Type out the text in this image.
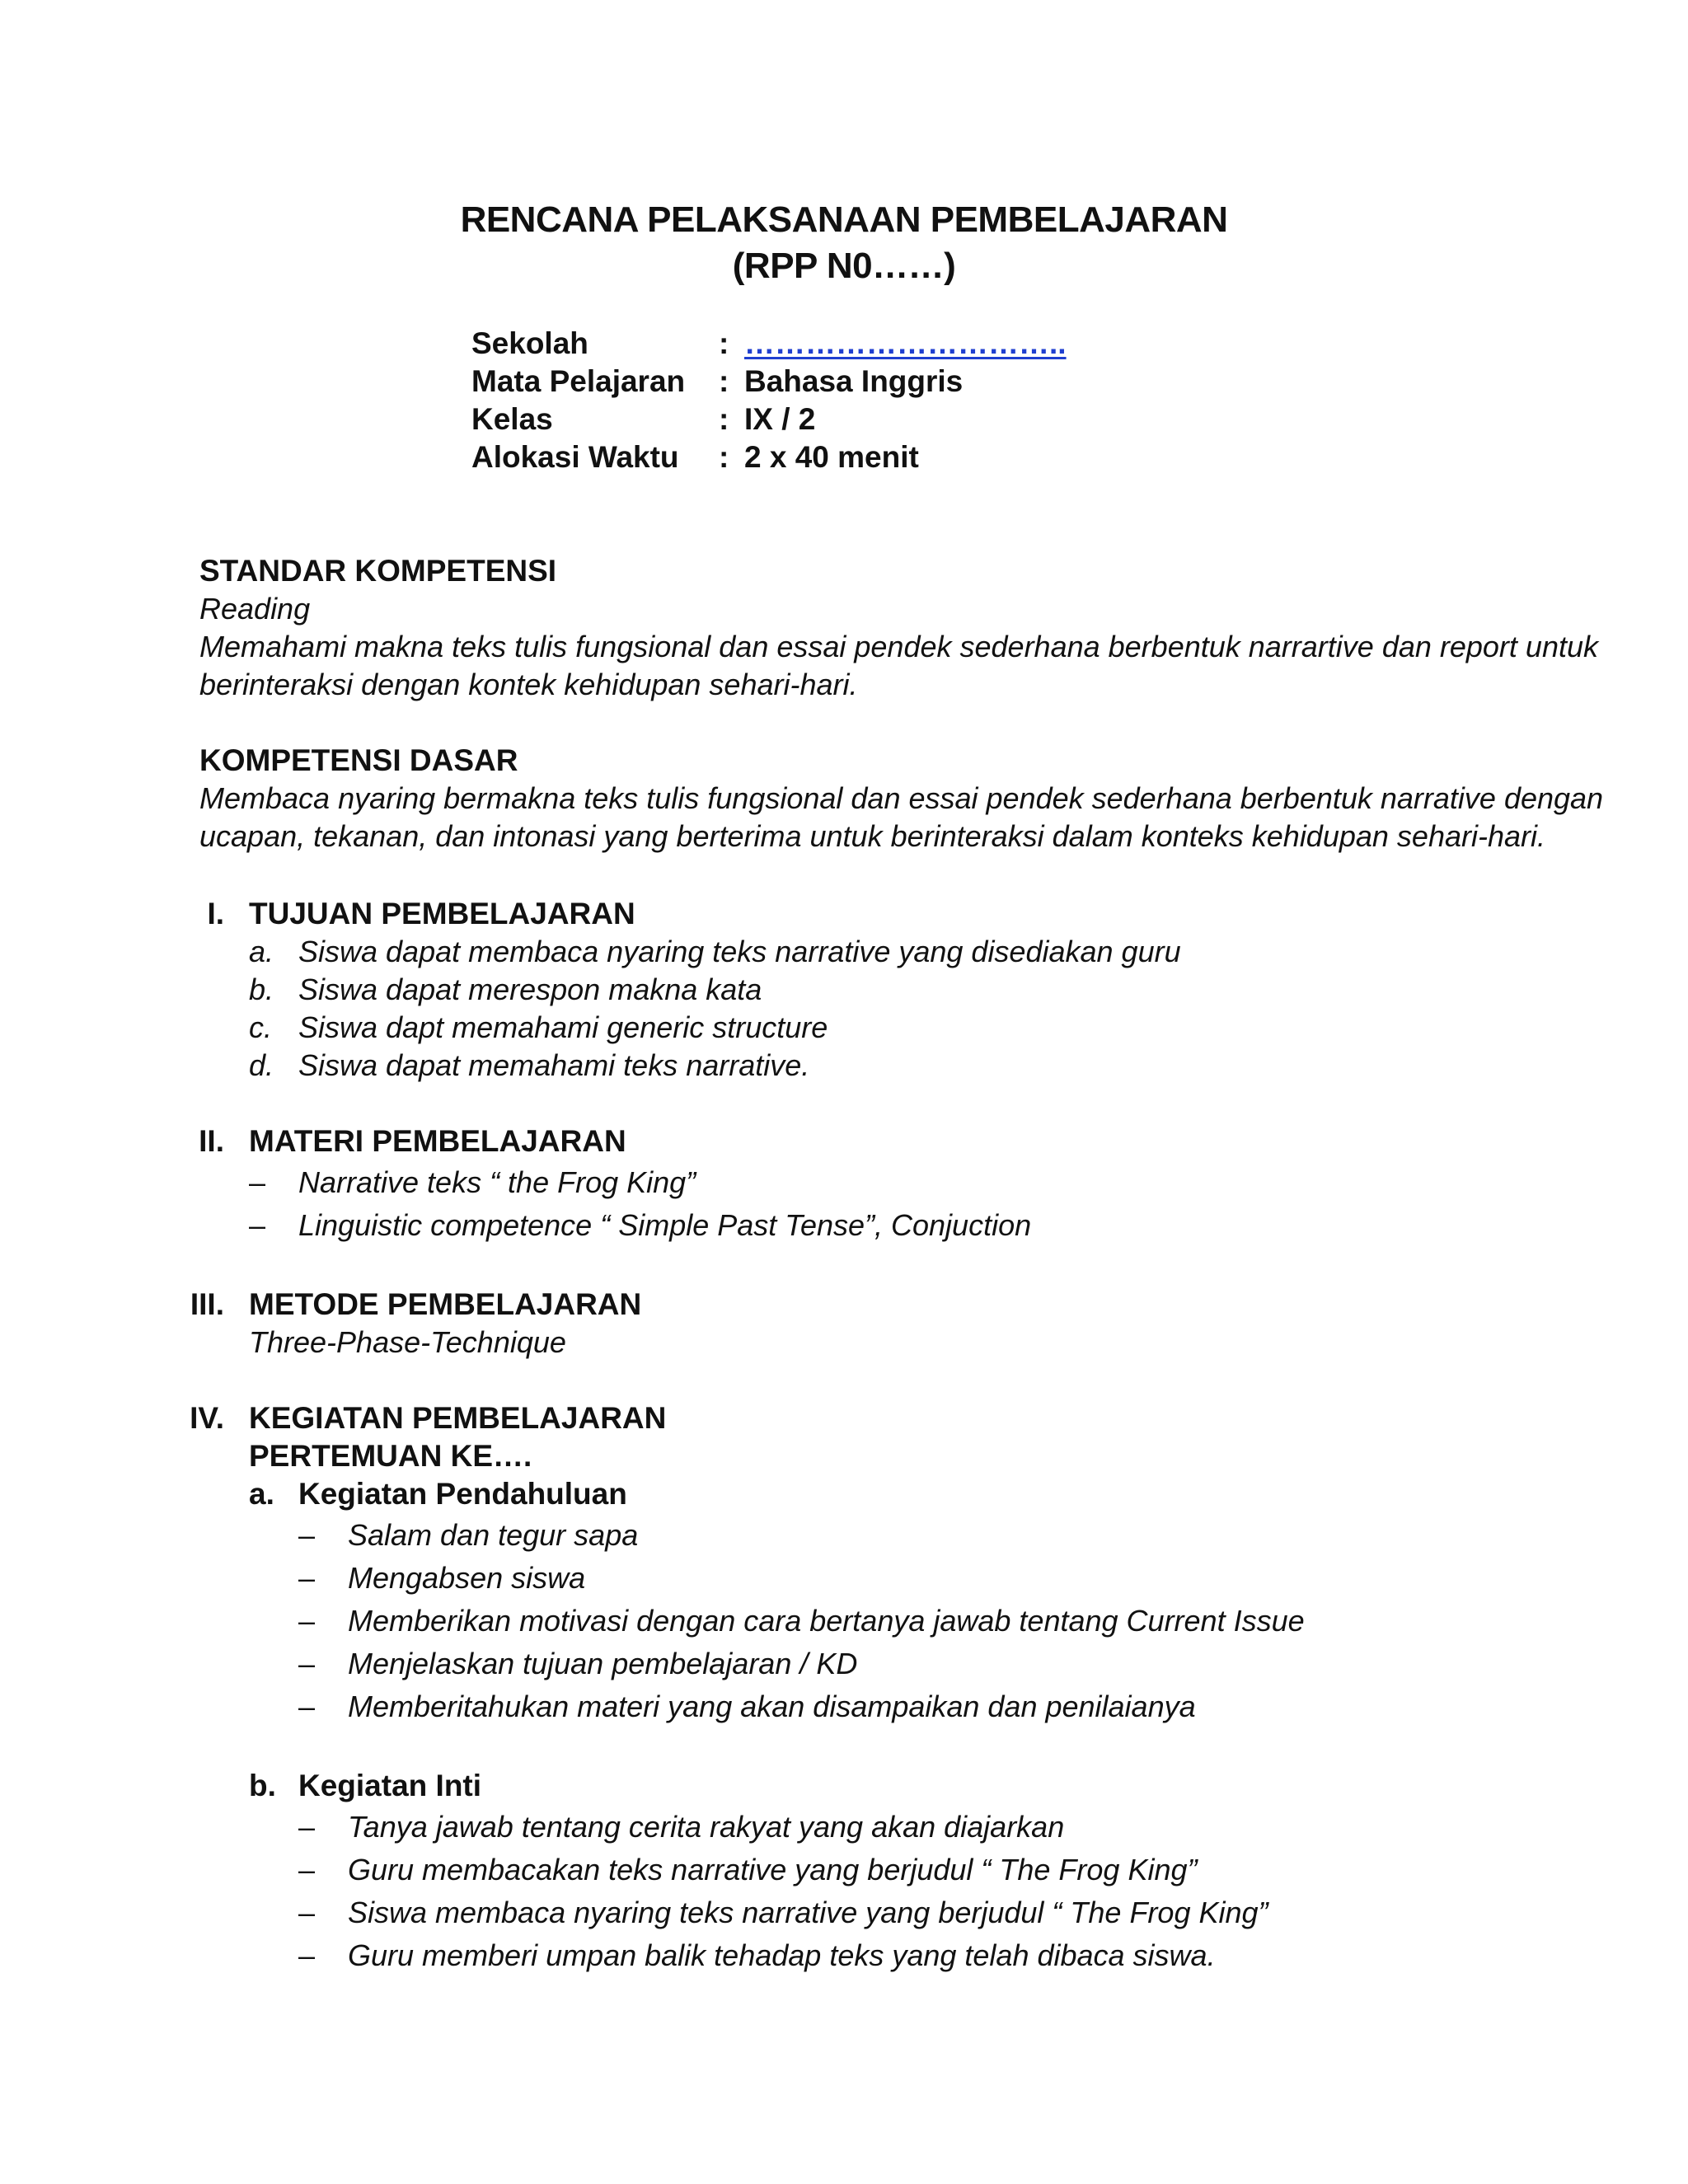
RENCANA PELAKSANAAN PEMBELAJARAN
(RPP N0……)
Sekolah	: …………………………..
Mata Pelajaran : Bahasa Inggris
Kelas	: IX / 2
Alokasi Waktu : 2 x 40 menit
STANDAR KOMPETENSI
Reading
Memahami makna teks tulis fungsional dan essai pendek sederhana berbentuk narrartive dan report untuk
berinteraksi dengan kontek kehidupan sehari-hari.
KOMPETENSI DASAR
Membaca nyaring bermakna teks tulis fungsional dan essai pendek sederhana berbentuk narrative dengan
ucapan, tekanan, dan intonasi yang berterima untuk berinteraksi dalam konteks kehidupan sehari-hari.
I. TUJUAN PEMBELAJARAN
a. Siswa dapat membaca nyaring teks narrative yang disediakan guru
b. Siswa dapat merespon makna kata
c. Siswa dapt memahami generic structure
d. Siswa dapat memahami teks narrative.
II. MATERI PEMBELAJARAN
– Narrative teks “ the Frog King”
– Linguistic competence “ Simple Past Tense”, Conjuction
III. METODE PEMBELAJARAN
Three-Phase-Technique
IV. KEGIATAN PEMBELAJARAN
PERTEMUAN KE….
a. Kegiatan Pendahuluan
– Salam dan tegur sapa
– Mengabsen siswa
– Memberikan motivasi dengan cara bertanya jawab tentang Current Issue
– Menjelaskan tujuan pembelajaran / KD
– Memberitahukan materi yang akan disampaikan dan penilaianya
b. Kegiatan Inti
– Tanya jawab tentang cerita rakyat yang akan diajarkan
– Guru membacakan teks narrative yang berjudul “ The Frog King”
– Siswa membaca nyaring teks narrative yang berjudul “ The Frog King”
– Guru memberi umpan balik tehadap teks yang telah dibaca siswa.
